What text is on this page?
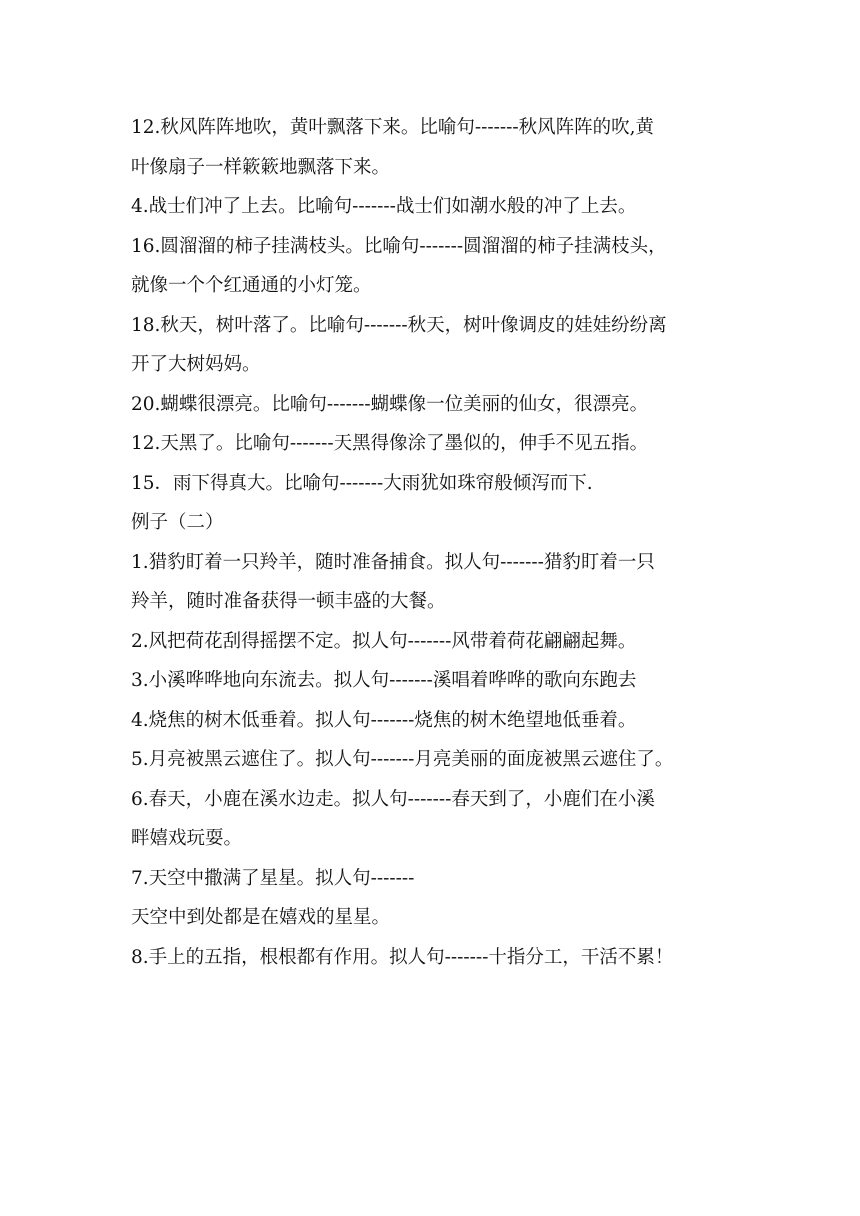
12.秋风阵阵地吹，黄叶飘落下来。比喻句-------秋风阵阵的吹,黄
叶像扇子一样簌簌地飘落下来。
4.战士们冲了上去。比喻句-------战士们如潮水般的冲了上去。
16.圆溜溜的柿子挂满枝头。比喻句-------圆溜溜的柿子挂满枝头，
就像一个个红通通的小灯笼。
18.秋天，树叶落了。比喻句-------秋天，树叶像调皮的娃娃纷纷离
开了大树妈妈。
20.蝴蝶很漂亮。比喻句-------蝴蝶像一位美丽的仙女，很漂亮。
12.天黑了。比喻句-------天黑得像涂了墨似的，伸手不见五指。
15．雨下得真大。比喻句-------大雨犹如珠帘般倾泻而下.
例子（二）
1.猎豹盯着一只羚羊，随时准备捕食。拟人句-------猎豹盯着一只
羚羊，随时准备获得一顿丰盛的大餐。
2.风把荷花刮得摇摆不定。拟人句-------风带着荷花翩翩起舞。
3.小溪哗哗地向东流去。拟人句-------溪唱着哗哗的歌向东跑去
4.烧焦的树木低垂着。拟人句-------烧焦的树木绝望地低垂着。
5.月亮被黑云遮住了。拟人句-------月亮美丽的面庞被黑云遮住了。
6.春天，小鹿在溪水边走。拟人句-------春天到了，小鹿们在小溪
畔嬉戏玩耍。
7.天空中撒满了星星。拟人句-------
天空中到处都是在嬉戏的星星。
8.手上的五指，根根都有作用。拟人句-------十指分工，干活不累！
